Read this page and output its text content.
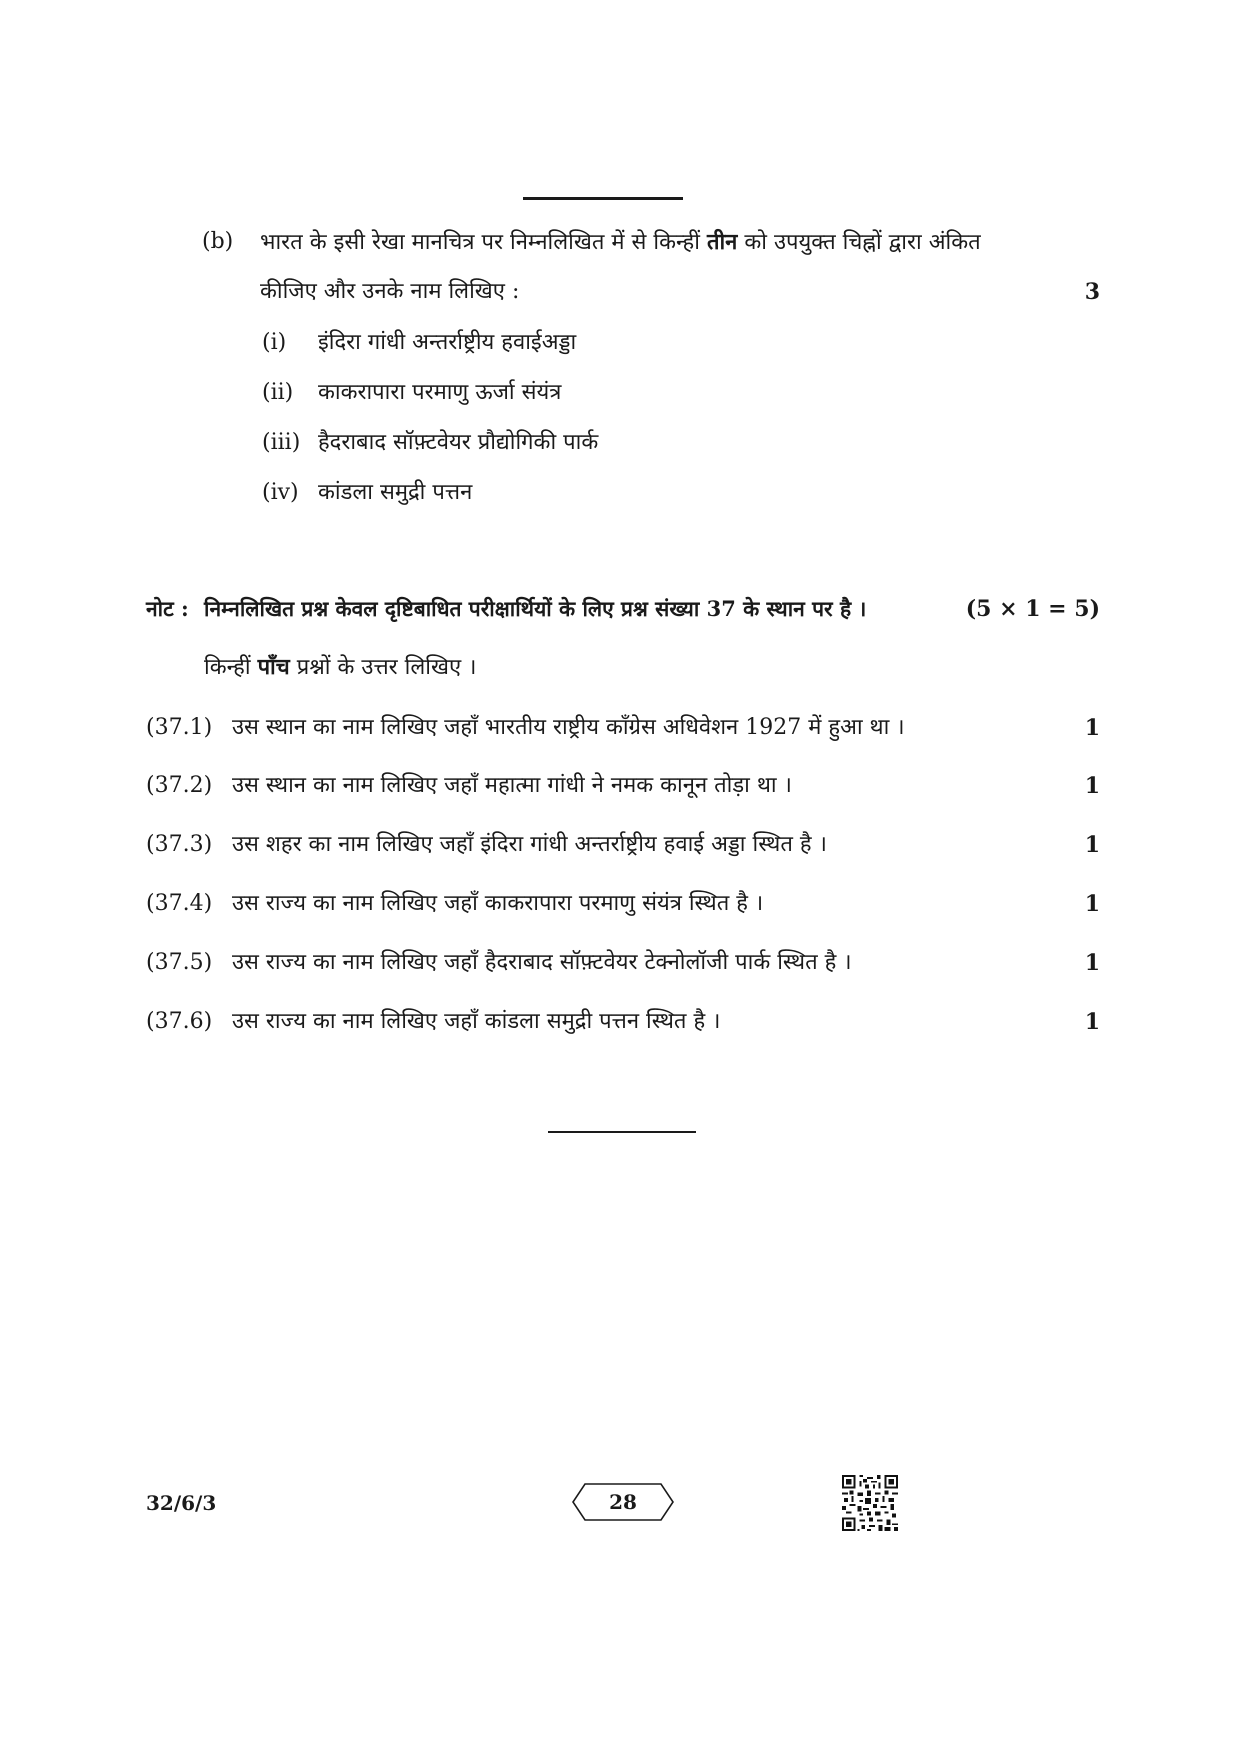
(b) भारत के इसी रेखा मानचित्र पर निम्नलिखित में से किन्हीं तीन को उपयुक्त चिह्नों द्वारा अंकित
कीजिए और उनके नाम लिखिए :	3
(i) इंदिरा गांधी अन्तर्राष्ट्रीय हवाईअड्डा
(ii) काकरापारा परमाणु ऊर्जा संयंत्र
(iii) हैदराबाद सॉफ़्टवेयर प्रौद्योगिकी पार्क
(iv) कांडला समुद्री पत्तन
नोट : निम्नलिखित प्रश्न केवल दृष्टिबाधित परीक्षार्थियों के लिए प्रश्न संख्या 37 के स्थान पर है ।	(5 × 1 = 5)
किन्हीं पाँच प्रश्नों के उत्तर लिखिए ।
(37.1) उस स्थान का नाम लिखिए जहाँ भारतीय राष्ट्रीय काँग्रेस अधिवेशन 1927 में हुआ था ।	1
(37.2) उस स्थान का नाम लिखिए जहाँ महात्मा गांधी ने नमक कानून तोड़ा था ।	1
(37.3) उस शहर का नाम लिखिए जहाँ इंदिरा गांधी अन्तर्राष्ट्रीय हवाई अड्डा स्थित है ।	1
(37.4) उस राज्य का नाम लिखिए जहाँ काकरापारा परमाणु संयंत्र स्थित है ।	1
(37.5) उस राज्य का नाम लिखिए जहाँ हैदराबाद सॉफ़्टवेयर टेक्नोलॉजी पार्क स्थित है ।	1
(37.6) उस राज्य का नाम लिखिए जहाँ कांडला समुद्री पत्तन स्थित है ।	1
32/6/3	28
